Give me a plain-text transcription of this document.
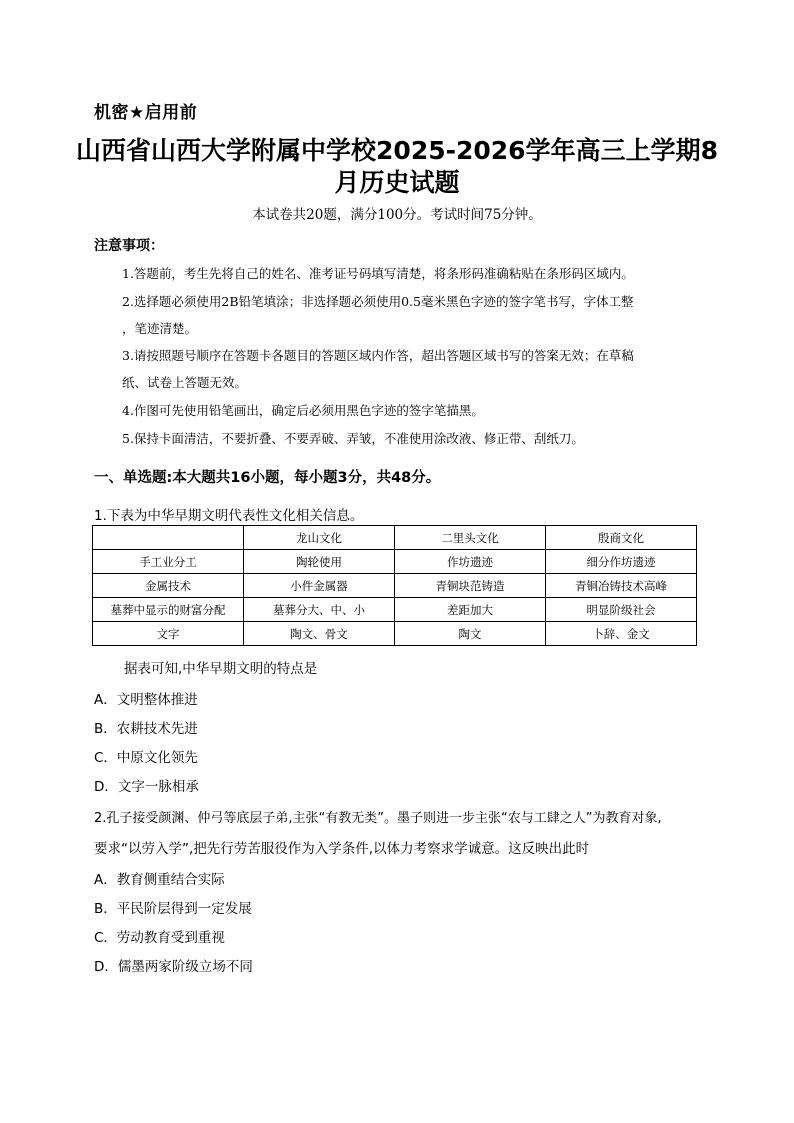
机密★启用前
山西省山西大学附属中学校2025-2026学年高三上学期8
月历史试题
本试卷共20题，满分100分。考试时间75分钟。
注意事项：
1.答题前，考生先将自己的姓名、准考证号码填写清楚，将条形码准确粘贴在条形码区域内。
2.选择题必须使用2B铅笔填涂；非选择题必须使用0.5毫米黑色字迹的签字笔书写，字体工整
，笔迹清楚。
3.请按照题号顺序在答题卡各题目的答题区域内作答，超出答题区域书写的答案无效；在草稿
纸、试卷上答题无效。
4.作图可先使用铅笔画出，确定后必须用黑色字迹的签字笔描黑。
5.保持卡面清洁，不要折叠、不要弄破、弄皱，不准使用涂改液、修正带、刮纸刀。
一、单选题:本大题共16小题，每小题3分，共48分。
1.下表为中华早期文明代表性文化相关信息。
	龙山文化	二里头文化	殷商文化
手工业分工	陶轮使用	作坊遗迹	细分作坊遗迹
金属技术	小件金属器	青铜块范铸造	青铜冶铸技术高峰
墓葬中显示的财富分配	墓葬分大、中、小	差距加大	明显阶级社会
文字	陶文、骨文	陶文	卜辞、金文
据表可知,中华早期文明的特点是
A．文明整体推进
B．农耕技术先进
C．中原文化领先
D．文字一脉相承
2.孔子接受颜渊、仲弓等底层子弟,主张“有教无类”。墨子则进一步主张“农与工肆之人”为教育对象,
要求“以劳入学”,把先行劳苦服役作为入学条件,以体力考察求学诚意。这反映出此时
A．教育侧重结合实际
B．平民阶层得到一定发展
C．劳动教育受到重视
D．儒墨两家阶级立场不同
